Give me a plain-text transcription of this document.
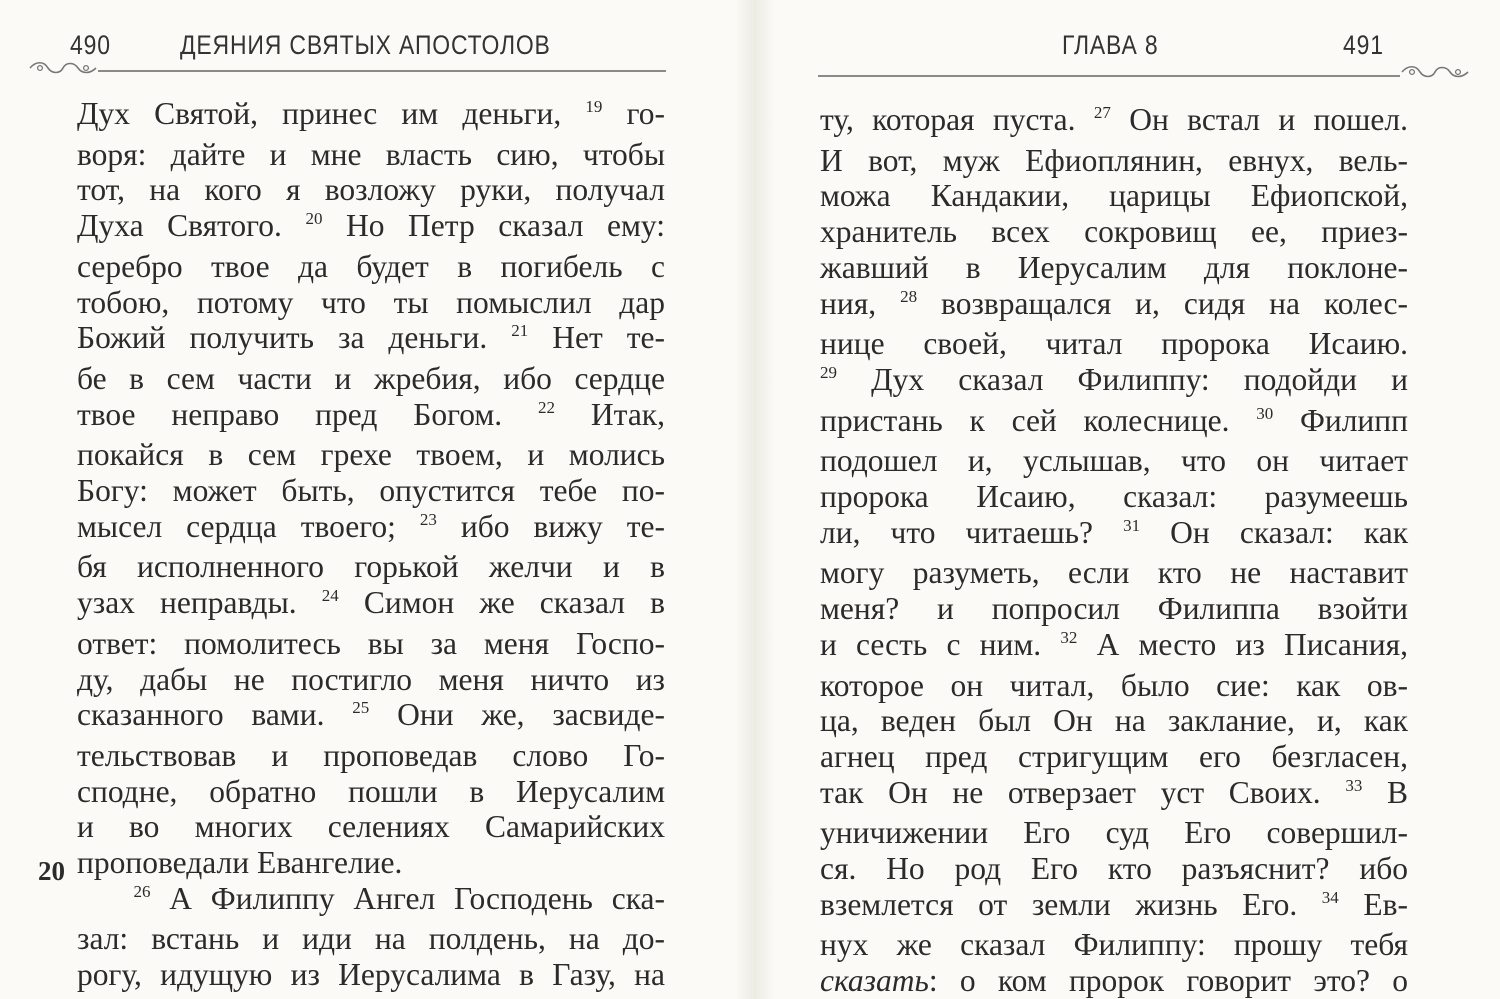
490	ДЕЯНИЯ СВЯТЫХ АПОСТОЛОВ
Дух Святой, принес им деньги, $^{19}$ го-
воря: дайте и мне власть сию, чтобы
тот, на кого я возложу руки, получал
Духа Святого. $^{20}$ Но Петр сказал ему:
серебро твое да будет в погибель с
тобою, потому что ты помыслил дар
Божий получить за деньги. $^{21}$ Нет те-
бе в сем части и жребия, ибо сердце
твое неправо пред Богом. $^{22}$ Итак,
покайся в сем грехе твоем, и молись
Богу: может быть, опустится тебе по-
мысел сердца твоего; $^{23}$ ибо вижу те-
бя исполненного горькой желчи и в
узах неправды. $^{24}$ Симон же сказал в
ответ: помолитесь вы за меня Госпо-
ду, дабы не постигло меня ничто из
сказанного вами. $^{25}$ Они же, засвиде-
тельствовав и проповедав слово Го-
сподне, обратно пошли в Иерусалим
и во многих селениях Самарийских
проповедали Евангелие.
$^{26}$ А Филиппу Ангел Господень ска-
зал: встань и иди на полдень, на до-
рогу, идущую из Иерусалима в Газу, на
20
ГЛАВА 8	491
ту, которая пуста. $^{27}$ Он встал и пошел.
И вот, муж Ефиоплянин, евнух, вель-
можа Кандакии, царицы Ефиопской,
хранитель всех сокровищ ее, приез-
жавший в Иерусалим для поклоне-
ния, $^{28}$ возвращался и, сидя на колес-
нице своей, читал пророка Исаию.
$^{29}$ Дух сказал Филиппу: подойди и
пристань к сей колеснице. $^{30}$ Филипп
подошел и, услышав, что он читает
пророка Исаию, сказал: разумеешь
ли, что читаешь? $^{31}$ Он сказал: как
могу разуметь, если кто не наставит
меня? и попросил Филиппа взойти
и сесть с ним. $^{32}$ А место из Писания,
которое он читал, было сие: как ов-
ца, веден был Он на заклание, и, как
агнец пред стригущим его безгласен,
так Он не отверзает уст Своих. $^{33}$ В
уничижении Его суд Его совершил-
ся. Но род Его кто разъяснит? ибо
вземлется от земли жизнь Его. $^{34}$ Ев-
нух же сказал Филиппу: прошу тебя
сказать: о ком пророк говорит это? о
